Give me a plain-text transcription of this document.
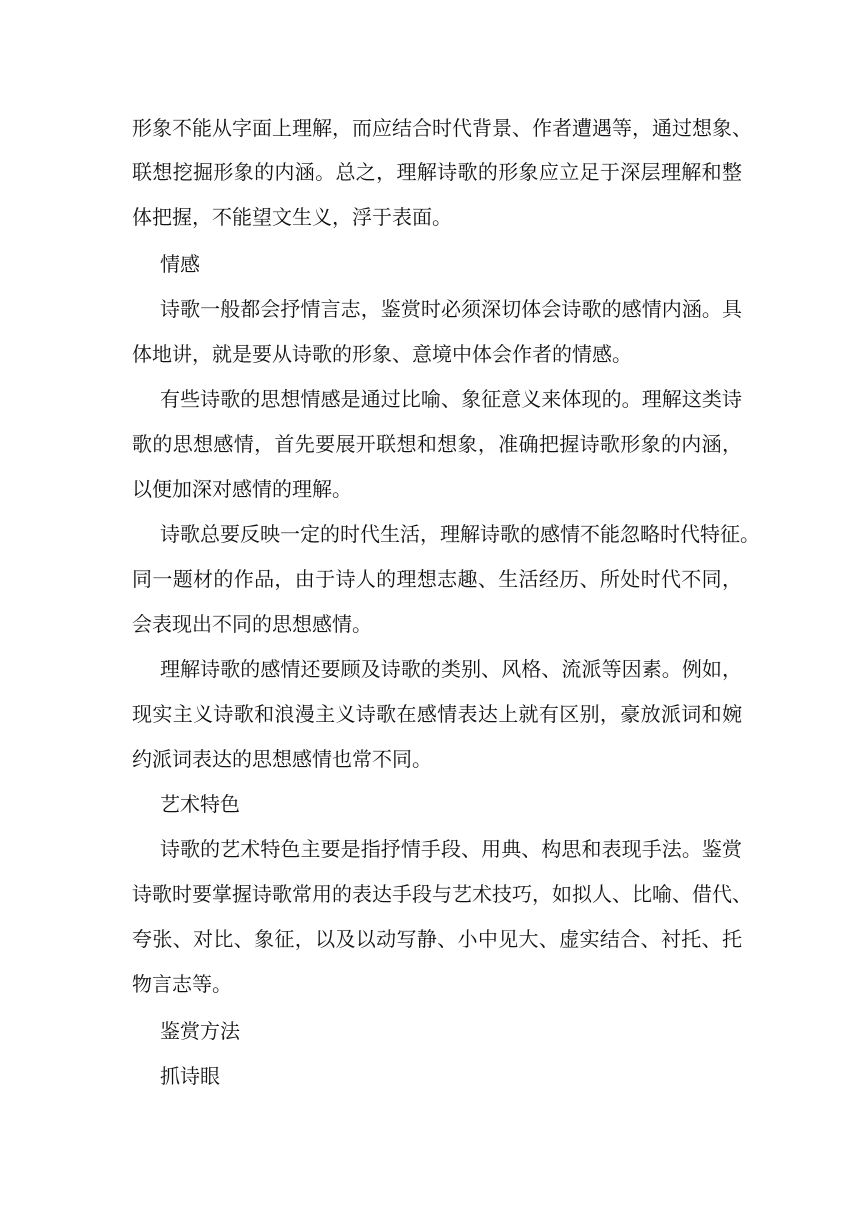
形象不能从字面上理解，而应结合时代背景、作者遭遇等，通过想象、
联想挖掘形象的内涵。总之，理解诗歌的形象应立足于深层理解和整
体把握，不能望文生义，浮于表面。
情感
诗歌一般都会抒情言志，鉴赏时必须深切体会诗歌的感情内涵。具
体地讲，就是要从诗歌的形象、意境中体会作者的情感。
有些诗歌的思想情感是通过比喻、象征意义来体现的。理解这类诗
歌的思想感情，首先要展开联想和想象，准确把握诗歌形象的内涵，
以便加深对感情的理解。
诗歌总要反映一定的时代生活，理解诗歌的感情不能忽略时代特征。
同一题材的作品，由于诗人的理想志趣、生活经历、所处时代不同，
会表现出不同的思想感情。
理解诗歌的感情还要顾及诗歌的类别、风格、流派等因素。例如，
现实主义诗歌和浪漫主义诗歌在感情表达上就有区别，豪放派词和婉
约派词表达的思想感情也常不同。
艺术特色
诗歌的艺术特色主要是指抒情手段、用典、构思和表现手法。鉴赏
诗歌时要掌握诗歌常用的表达手段与艺术技巧，如拟人、比喻、借代、
夸张、对比、象征，以及以动写静、小中见大、虚实结合、衬托、托
物言志等。
鉴赏方法
抓诗眼
